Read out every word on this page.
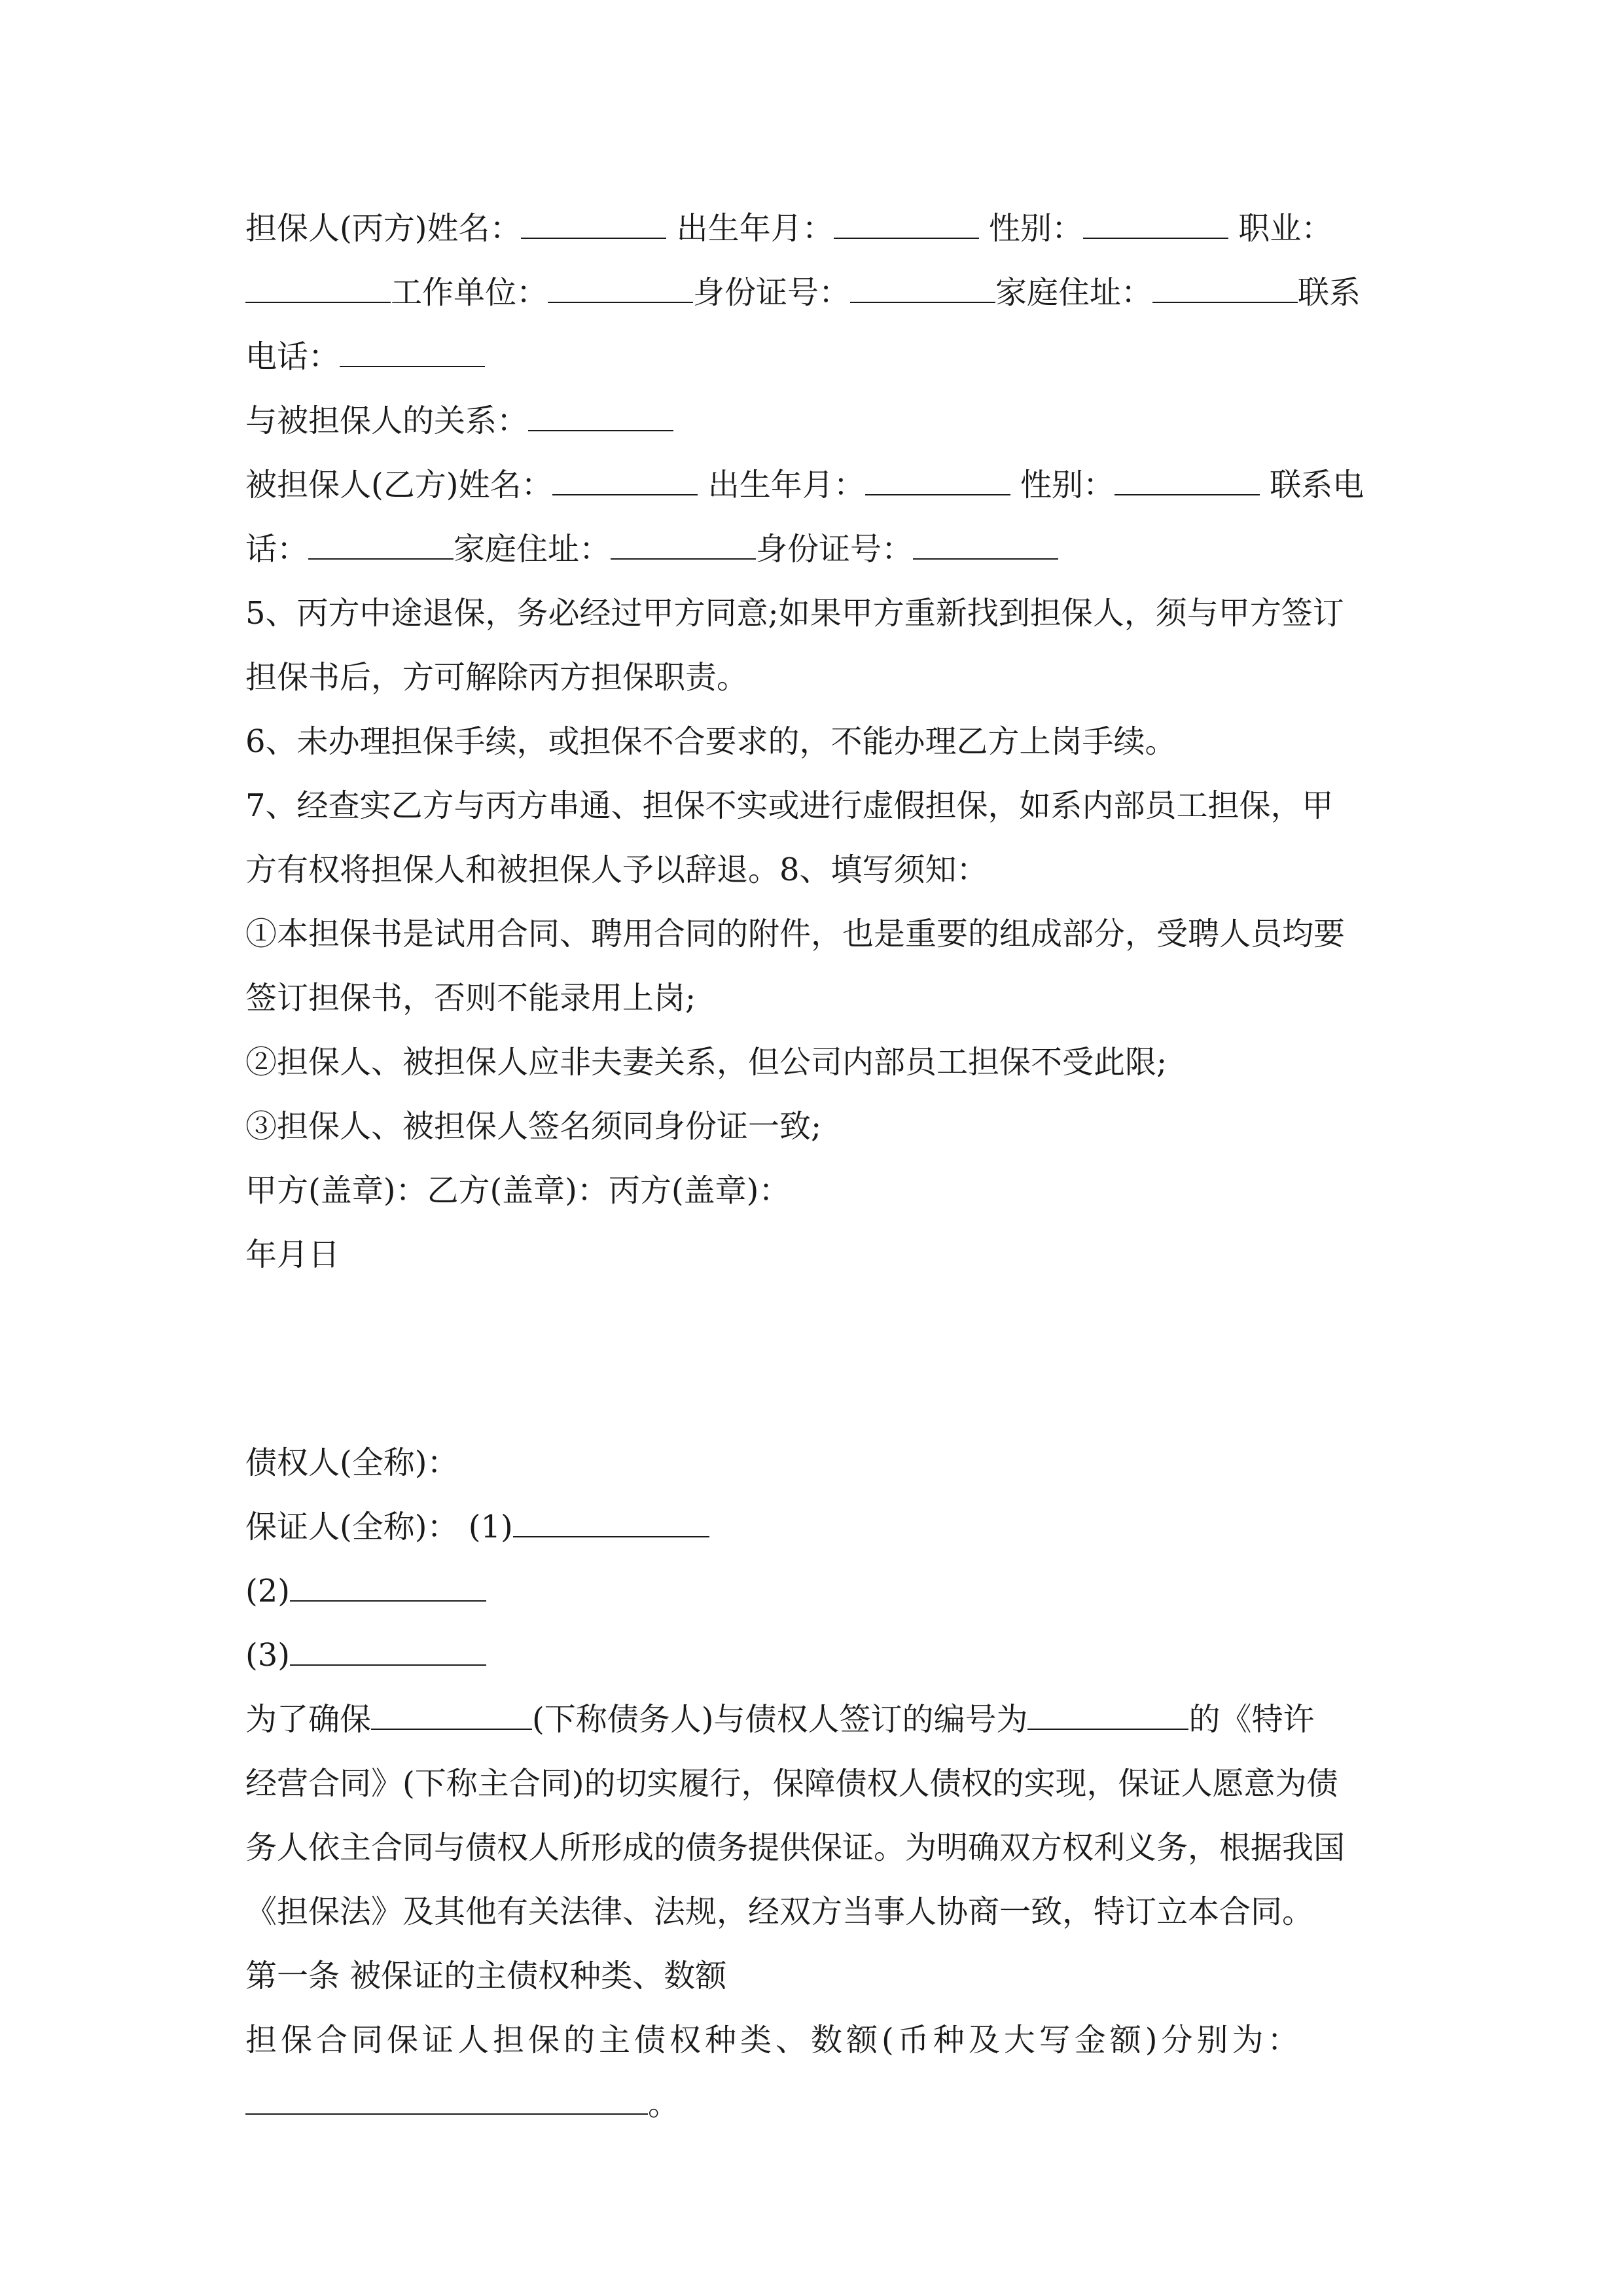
担保人(丙方)姓名：	出生年月：	性别：	职业：
工作单位：	身份证号：	家庭住址：	联系
电话：
与被担保人的关系：
被担保人(乙方)姓名：	出生年月：	性别：	联系电
话：	家庭住址：	身份证号：
5、丙方中途退保，务必经过甲方同意;如果甲方重新找到担保人，须与甲方签订
担保书后，方可解除丙方担保职责。
6、未办理担保手续，或担保不合要求的，不能办理乙方上岗手续。
7、经查实乙方与丙方串通、担保不实或进行虚假担保，如系内部员工担保，甲
方有权将担保人和被担保人予以辞退。8、填写须知：
①本担保书是试用合同、聘用合同的附件，也是重要的组成部分，受聘人员均要
签订担保书，否则不能录用上岗;
②担保人、被担保人应非夫妻关系，但公司内部员工担保不受此限;
③担保人、被担保人签名须同身份证一致;
甲方(盖章)：乙方(盖章)：丙方(盖章)：
年月日
债权人(全称)：
保证人(全称)： (1)
(2)
(3)
为了确保	(下称债务人)与债权人签订的编号为	的《特许
经营合同》(下称主合同)的切实履行，保障债权人债权的实现，保证人愿意为债
务人依主合同与债权人所形成的债务提供保证。为明确双方权利义务，根据我国
《担保法》及其他有关法律、法规，经双方当事人协商一致，特订立本合同。
第一条 被保证的主债权种类、数额
担保合同保证人担保的主债权种类、数额(币种及大写金额)分别为：
。
